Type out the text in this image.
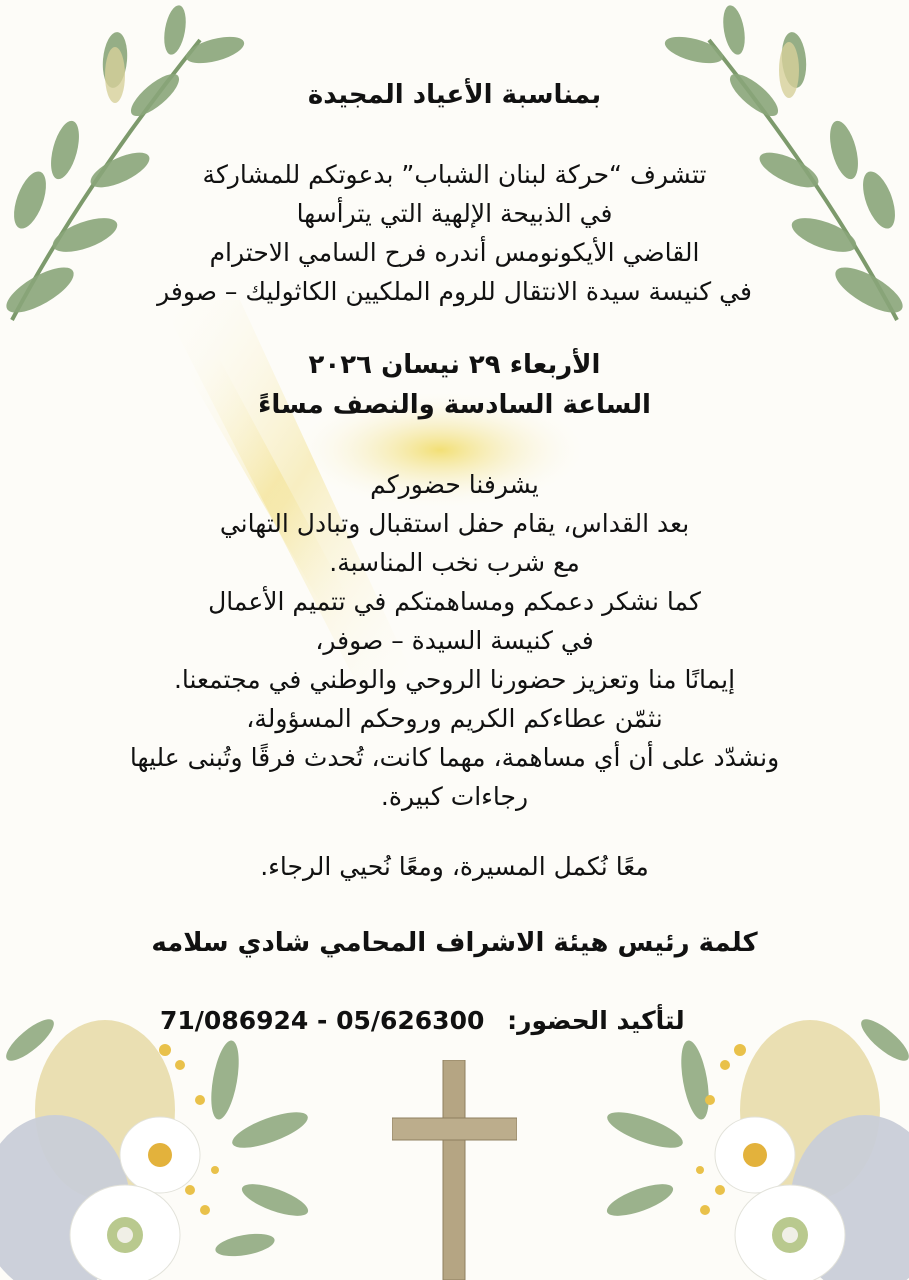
بمناسبة الأعياد المجيدة
تتشرف “حركة لبنان الشباب” بدعوتكم للمشاركة
في الذبيحة الإلهية التي يترأسها
القاضي الأيكونومس أندره فرح السامي الاحترام
في كنيسة سيدة الانتقال للروم الملكيين الكاثوليك – صوفر
الأربعاء ٢٩ نيسان ٢٠٢٦
الساعة السادسة والنصف مساءً
يشرفنا حضوركم
بعد القداس، يقام حفل استقبال وتبادل التهاني
مع شرب نخب المناسبة.
كما نشكر دعمكم ومساهمتكم في تتميم الأعمال
في كنيسة السيدة – صوفر،
إيمانًا منا وتعزيز حضورنا الروحي والوطني في مجتمعنا.
نثمّن عطاءكم الكريم وروحكم المسؤولة،
ونشدّد على أن أي مساهمة، مهما كانت، تُحدث فرقًا وتُبنى عليها
رجاءات كبيرة.
معًا نُكمل المسيرة، ومعًا نُحيي الرجاء.
كلمة رئيس هيئة الاشراف المحامي شادي سلامه
71/086924 - 05/626300 لتأكيد الحضور:
